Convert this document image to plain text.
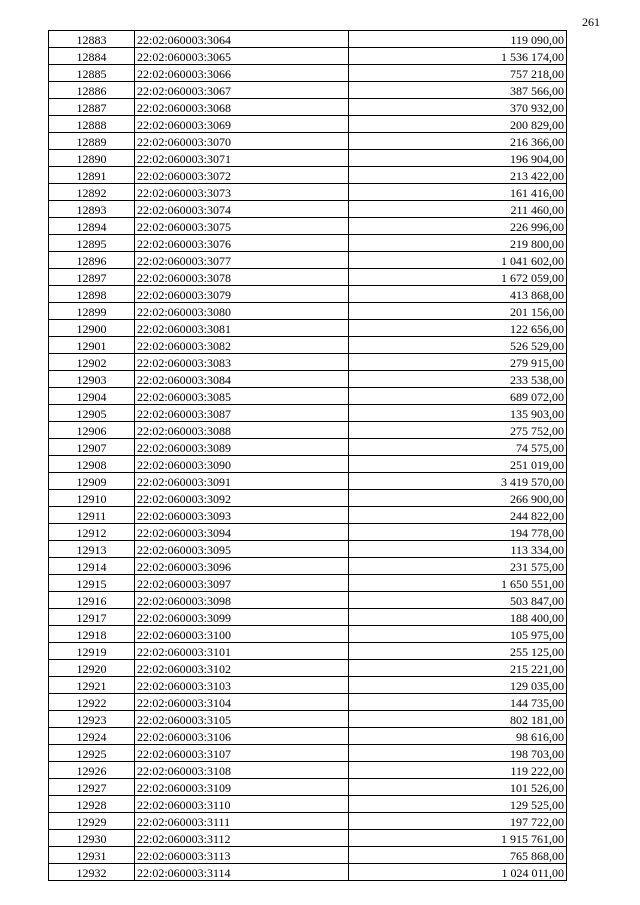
261
12883	22:02:060003:3064	119 090,00
12884	22:02:060003:3065	1 536 174,00
12885	22:02:060003:3066	757 218,00
12886	22:02:060003:3067	387 566,00
12887	22:02:060003:3068	370 932,00
12888	22:02:060003:3069	200 829,00
12889	22:02:060003:3070	216 366,00
12890	22:02:060003:3071	196 904,00
12891	22:02:060003:3072	213 422,00
12892	22:02:060003:3073	161 416,00
12893	22:02:060003:3074	211 460,00
12894	22:02:060003:3075	226 996,00
12895	22:02:060003:3076	219 800,00
12896	22:02:060003:3077	1 041 602,00
12897	22:02:060003:3078	1 672 059,00
12898	22:02:060003:3079	413 868,00
12899	22:02:060003:3080	201 156,00
12900	22:02:060003:3081	122 656,00
12901	22:02:060003:3082	526 529,00
12902	22:02:060003:3083	279 915,00
12903	22:02:060003:3084	233 538,00
12904	22:02:060003:3085	689 072,00
12905	22:02:060003:3087	135 903,00
12906	22:02:060003:3088	275 752,00
12907	22:02:060003:3089	74 575,00
12908	22:02:060003:3090	251 019,00
12909	22:02:060003:3091	3 419 570,00
12910	22:02:060003:3092	266 900,00
12911	22:02:060003:3093	244 822,00
12912	22:02:060003:3094	194 778,00
12913	22:02:060003:3095	113 334,00
12914	22:02:060003:3096	231 575,00
12915	22:02:060003:3097	1 650 551,00
12916	22:02:060003:3098	503 847,00
12917	22:02:060003:3099	188 400,00
12918	22:02:060003:3100	105 975,00
12919	22:02:060003:3101	255 125,00
12920	22:02:060003:3102	215 221,00
12921	22:02:060003:3103	129 035,00
12922	22:02:060003:3104	144 735,00
12923	22:02:060003:3105	802 181,00
12924	22:02:060003:3106	98 616,00
12925	22:02:060003:3107	198 703,00
12926	22:02:060003:3108	119 222,00
12927	22:02:060003:3109	101 526,00
12928	22:02:060003:3110	129 525,00
12929	22:02:060003:3111	197 722,00
12930	22:02:060003:3112	1 915 761,00
12931	22:02:060003:3113	765 868,00
12932	22:02:060003:3114	1 024 011,00
